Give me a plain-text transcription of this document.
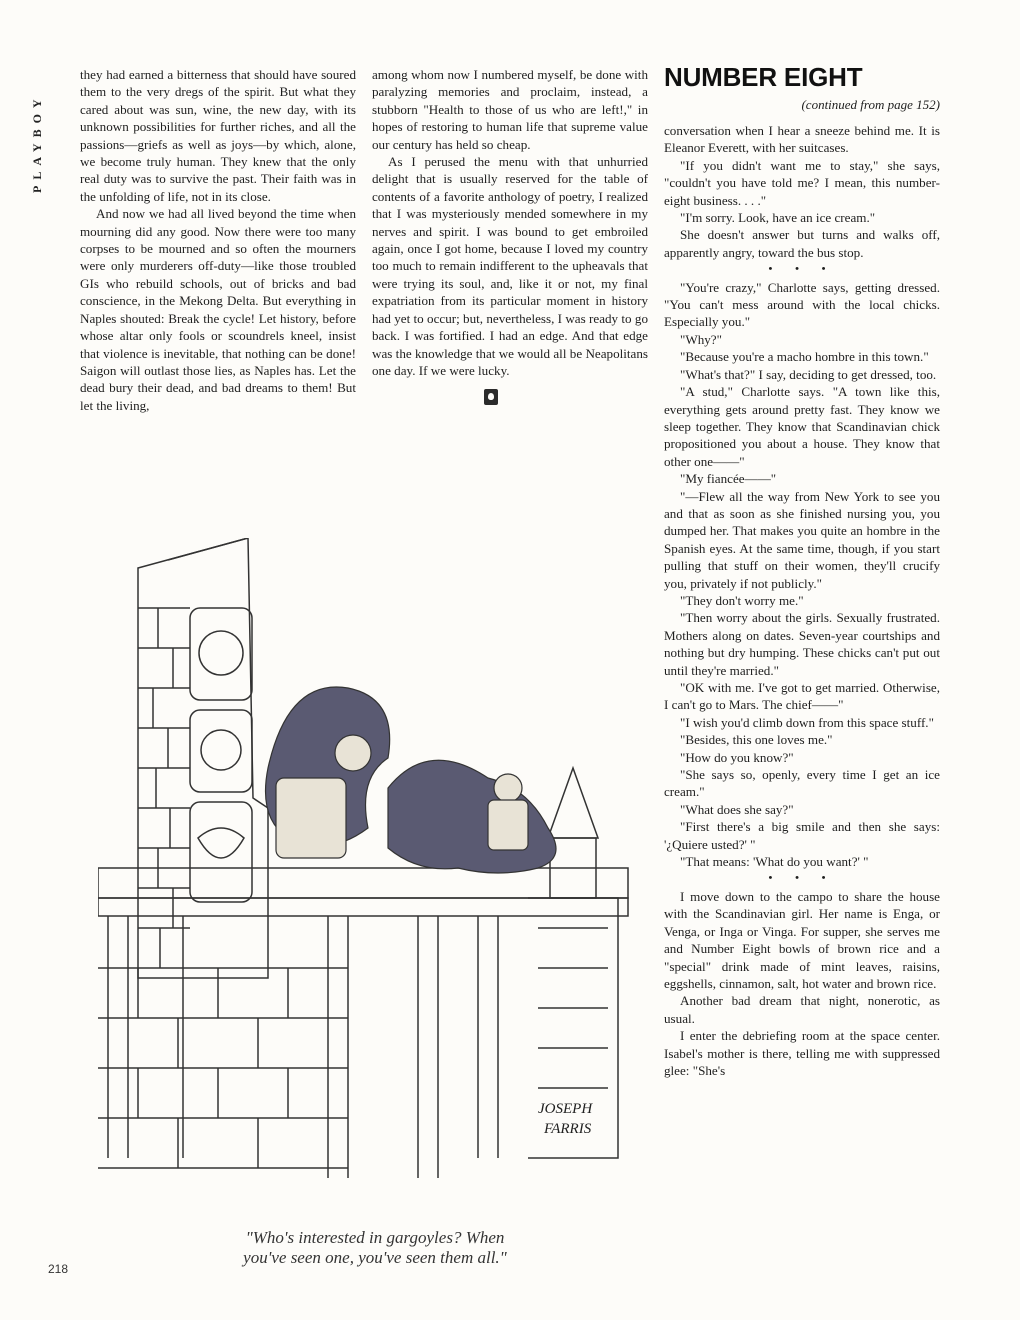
PLAYBOY

they had earned a bitterness that should have soured them to the very dregs of the spirit. But what they cared about was sun, wine, the new day, with its unknown possibilities for further riches, and all the passions—griefs as well as joys—by which, alone, we become truly human. They knew that the only real duty was to survive the past. Their faith was in the unfolding of life, not in its close.

And now we had all lived beyond the time when mourning did any good. Now there were too many corpses to be mourned and so often the mourners were only murderers off-duty—like those troubled GIs who rebuild schools, out of bricks and bad conscience, in the Mekong Delta. But everything in Naples shouted: Break the cycle! Let history, before whose altar only fools or scoundrels kneel, insist that violence is inevitable, that nothing can be done! Saigon will outlast those lies, as Naples has. Let the dead bury their dead, and bad dreams to them! But let the living,

among whom now I numbered myself, be done with paralyzing memories and proclaim, instead, a stubborn "Health to those of us who are left!," in hopes of restoring to human life that supreme value our century has held so cheap.

As I perused the menu with that unhurried delight that is usually reserved for the table of contents of a favorite anthology of poetry, I realized that I was mysteriously mended somewhere in my nerves and spirit. I was bound to get embroiled again, once I got home, because I loved my country too much to remain indifferent to the upheavals that were trying its soul, and, like it or not, my final expatriation from its particular moment in history had yet to occur; but, nevertheless, I was ready to go back. I was fortified. I had an edge. And that edge was the knowledge that we would all be Neapolitans one day. If we were lucky.

NUMBER EIGHT
(continued from page 152)

conversation when I hear a sneeze behind me. It is Eleanor Everett, with her suitcases.

"If you didn't want me to stay," she says, "couldn't you have told me? I mean, this number-eight business. . . ."

"I'm sorry. Look, have an ice cream."

She doesn't answer but turns and walks off, apparently angry, toward the bus stop.

• • •

"You're crazy," Charlotte says, getting dressed. "You can't mess around with the local chicks. Especially you."

"Why?"

"Because you're a macho hombre in this town."

"What's that?" I say, deciding to get dressed, too.

"A stud," Charlotte says. "A town like this, everything gets around pretty fast. They know we sleep together. They know that Scandinavian chick propositioned you about a house. They know that other one——"

"My fiancée——"

"—Flew all the way from New York to see you and that as soon as she finished nursing you, you dumped her. That makes you quite an hombre in the Spanish eyes. At the same time, though, if you start pulling that stuff on their women, they'll crucify you, privately if not publicly."

"They don't worry me."

"Then worry about the girls. Sexually frustrated. Mothers along on dates. Seven-year courtships and nothing but dry humping. These chicks can't put out until they're married."

"OK with me. I've got to get married. Otherwise, I can't go to Mars. The chief——"

"I wish you'd climb down from this space stuff."

"Besides, this one loves me."

"How do you know?"

"She says so, openly, every time I get an ice cream."

"What does she say?"

"First there's a big smile and then she says: '¿Quiere usted?' "

"That means: 'What do you want?' "

• • •

I move down to the campo to share the house with the Scandinavian girl. Her name is Enga, or Venga, or Inga or Vinga. For supper, she serves me and Number Eight bowls of brown rice and a "special" drink made of mint leaves, raisins, eggshells, cinnamon, salt, hot water and brown rice.

Another bad dream that night, nonerotic, as usual.

I enter the debriefing room at the space center. Isabel's mother is there, telling me with suppressed glee: "She's

JOSEPH
FARRIS
"Who's interested in gargoyles? When
you've seen one, you've seen them all."
218
